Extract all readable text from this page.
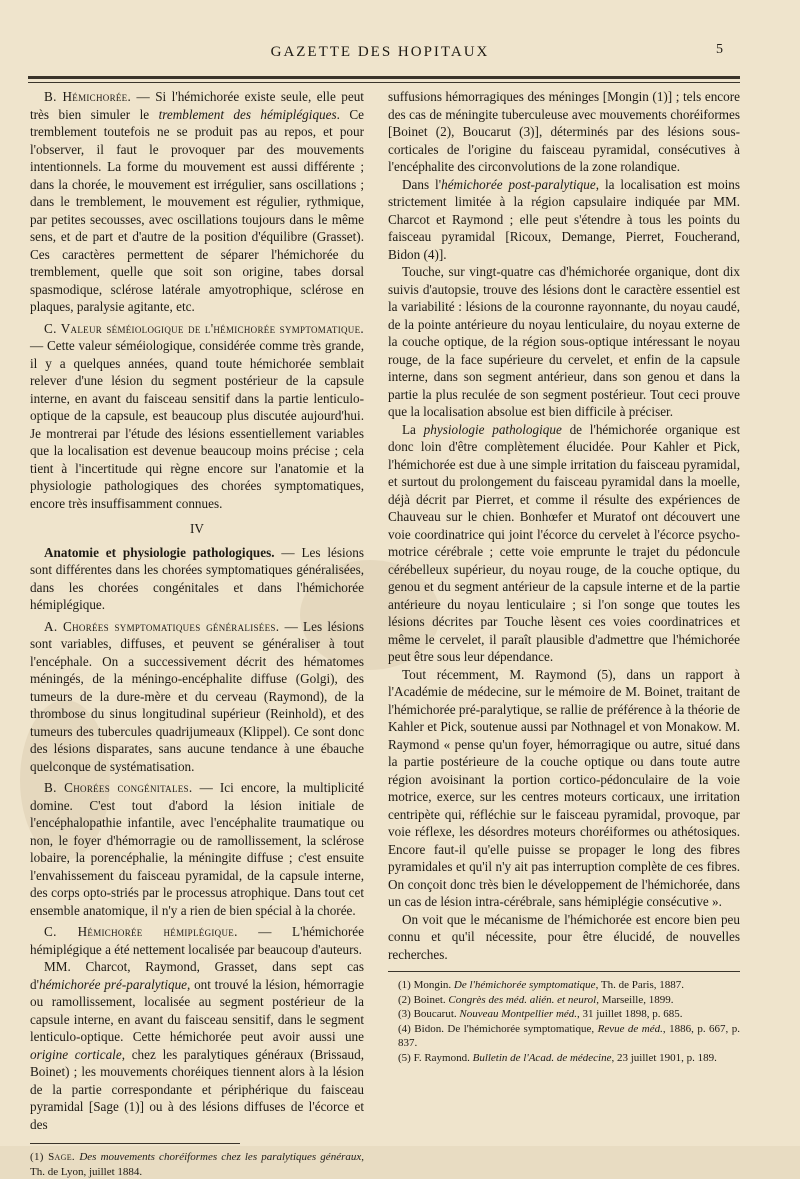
GAZETTE DES HOPITAUX	5

B. Hémichorée. — Si l'hémichorée existe seule, elle peut très bien simuler le tremblement des hémiplégiques. Ce tremblement toutefois ne se produit pas au repos, et pour l'observer, il faut le provoquer par des mouvements intentionnels. La forme du mouvement est aussi différente ; dans la chorée, le mouvement est irrégulier, sans oscillations ; dans le tremblement, le mouvement est régulier, rythmique, par petites secousses, avec oscillations toujours dans le même sens, et de part et d'autre de la position d'équilibre (Grasset). Ces caractères permettent de séparer l'hémichorée du tremblement, quelle que soit son origine, tabes dorsal spasmodique, sclérose latérale amyotrophique, sclérose en plaques, paralysie agitante, etc.

C. Valeur séméiologique de l'hémichorée symptomatique. — Cette valeur séméiologique, considérée comme très grande, il y a quelques années, quand toute hémichorée semblait relever d'une lésion du segment postérieur de la capsule interne, en avant du faisceau sensitif dans la partie lenticulo-optique de la capsule, est beaucoup plus discutée aujourd'hui. Je montrerai par l'étude des lésions essentiellement variables que la localisation est devenue beaucoup moins précise ; cela tient à l'incertitude qui règne encore sur l'anatomie et la physiologie pathologiques des chorées symptomatiques, encore très insuffisamment connues.

IV

Anatomie et physiologie pathologiques. — Les lésions sont différentes dans les chorées symptomatiques généralisées, dans les chorées congénitales et dans l'hémichorée hémiplégique.

A. Chorées symptomatiques généralisées. — Les lésions sont variables, diffuses, et peuvent se généraliser à tout l'encéphale. On a successivement décrit des hématomes méningés, de la méningo-encéphalite diffuse (Golgi), des tumeurs de la dure-mère et du cerveau (Raymond), de la thrombose du sinus longitudinal supérieur (Reinhold), et des tumeurs des tubercules quadrijumeaux (Klippel). Ce sont donc des lésions disparates, sans aucune tendance à une ébauche quelconque de systématisation.

B. Chorées congénitales. — Ici encore, la multiplicité domine. C'est tout d'abord la lésion initiale de l'encéphalopathie infantile, avec l'encéphalite traumatique ou non, le foyer d'hémorragie ou de ramollissement, la sclérose lobaire, la porencéphalie, la méningite diffuse ; c'est ensuite l'envahissement du faisceau pyramidal, de la capsule interne, des corps opto-striés par le processus atrophique. Dans tout cet ensemble anatomique, il n'y a rien de bien spécial à la chorée.

C. Hémichorée hémiplégique. — L'hémichorée hémiplégique a été nettement localisée par beaucoup d'auteurs.

MM. Charcot, Raymond, Grasset, dans sept cas d'hémichorée pré-paralytique, ont trouvé la lésion, hémorragie ou ramollissement, localisée au segment postérieur de la capsule interne, en avant du faisceau sensitif, dans le segment lenticulo-optique. Cette hémichorée peut avoir aussi une origine corticale, chez les paralytiques généraux (Brissaud, Boinet) ; les mouvements choréiques tiennent alors à la lésion de la partie correspondante et périphérique du faisceau pyramidal [Sage (1)] ou à des lésions diffuses de l'écorce et des

(1) Sage. Des mouvements choréiformes chez les paralytiques généraux, Th. de Lyon, juillet 1884.

suffusions hémorragiques des méninges [Mongin (1)] ; tels encore des cas de méningite tuberculeuse avec mouvements choréiformes [Boinet (2), Boucarut (3)], déterminés par des lésions sous-corticales de l'origine du faisceau pyramidal, consécutives à l'encéphalite des circonvolutions de la zone rolandique.

Dans l'hémichorée post-paralytique, la localisation est moins strictement limitée à la région capsulaire indiquée par MM. Charcot et Raymond ; elle peut s'étendre à tous les points du faisceau pyramidal [Ricoux, Demange, Pierret, Foucherand, Bidon (4)].

Touche, sur vingt-quatre cas d'hémichorée organique, dont dix suivis d'autopsie, trouve des lésions dont le caractère essentiel est la variabilité : lésions de la couronne rayonnante, du noyau caudé, de la pointe antérieure du noyau lenticulaire, du noyau externe de la couche optique, de la région sous-optique intéressant le noyau rouge, de la face supérieure du cervelet, et enfin de la capsule interne, dans son segment antérieur, dans son genou et dans la partie la plus reculée de son segment postérieur. Tout ceci prouve que la localisation absolue est bien difficile à préciser.

La physiologie pathologique de l'hémichorée organique est donc loin d'être complètement élucidée. Pour Kahler et Pick, l'hémichorée est due à une simple irritation du faisceau pyramidal, et surtout du prolongement du faisceau pyramidal dans la moelle, déjà décrit par Pierret, et comme il résulte des expériences de Chauveau sur le chien. Bonhœfer et Muratof ont découvert une voie coordinatrice qui joint l'écorce du cervelet à l'écorce psycho-motrice cérébrale ; cette voie emprunte le trajet du pédoncule cérébelleux supérieur, du noyau rouge, de la couche optique, du genou et du segment antérieur de la capsule interne et de la partie antérieure du noyau lenticulaire ; si l'on songe que toutes les lésions décrites par Touche lèsent ces voies coordinatrices et même le cervelet, il paraît plausible d'admettre que l'hémichorée peut être sous leur dépendance.

Tout récemment, M. Raymond (5), dans un rapport à l'Académie de médecine, sur le mémoire de M. Boinet, traitant de l'hémichorée pré-paralytique, se rallie de préférence à la théorie de Kahler et Pick, soutenue aussi par Nothnagel et von Monakow. M. Raymond « pense qu'un foyer, hémorragique ou autre, situé dans la partie postérieure de la couche optique ou dans toute autre région avoisinant la portion cortico-pédonculaire de la voie motrice, exerce, sur les centres moteurs corticaux, une irritation centripète qui, réfléchie sur le faisceau pyramidal, provoque, par voie réflexe, les désordres moteurs choréiformes ou athétosiques. Encore faut-il qu'elle puisse se propager le long des fibres pyramidales et qu'il n'y ait pas interruption complète de ces fibres. On conçoit donc très bien le développement de l'hémichorée, dans un cas de lésion intra-cérébrale, sans hémiplégie consécutive ».

On voit que le mécanisme de l'hémichorée est encore bien peu connu et qu'il nécessite, pour être élucidé, de nouvelles recherches.

(1) Mongin. De l'hémichorée symptomatique, Th. de Paris, 1887.
(2) Boinet. Congrès des méd. alién. et neurol, Marseille, 1899.
(3) Boucarut. Nouveau Montpellier méd., 31 juillet 1898, p. 685.
(4) Bidon. De l'hémichorée symptomatique, Revue de méd., 1886, p. 667, p. 837.
(5) F. Raymond. Bulletin de l'Acad. de médecine, 23 juillet 1901, p. 189.
